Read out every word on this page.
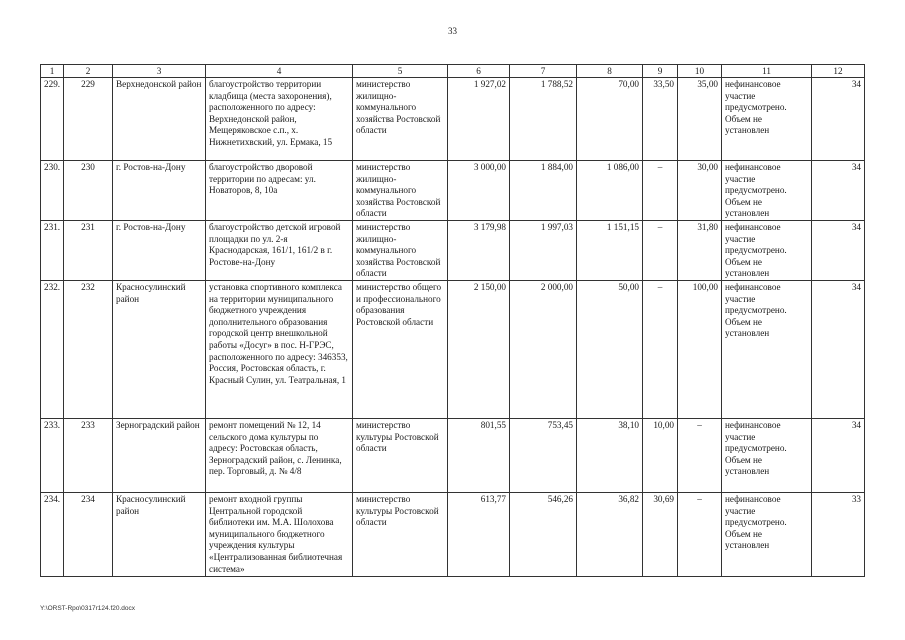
33
1	2	3	4	5	6	7	8	9	10	11	12
229.	229	Верхнедонской район	благоустройство территории кладбища (места захоронения), расположенного по адресу: Верхнедонской район, Мещеряковское с.п., х. Нижнетихвский, ул. Ермака, 15	министерство жилищно-коммунального хозяйства Ростовской области	1 927,02	1 788,52	70,00	33,50	35,00	нефинансовое участие предусмотрено. Объем не установлен	34
230.	230	г. Ростов-на-Дону	благоустройство дворовой территории по адресам: ул. Новаторов, 8, 10а	министерство жилищно-коммунального хозяйства Ростовской области	3 000,00	1 884,00	1 086,00	–	30,00	нефинансовое участие предусмотрено. Объем не установлен	34
231.	231	г. Ростов-на-Дону	благоустройство детской игровой площадки по ул. 2-я Краснодарская, 161/1, 161/2 в г. Ростове-на-Дону	министерство жилищно-коммунального хозяйства Ростовской области	3 179,98	1 997,03	1 151,15	–	31,80	нефинансовое участие предусмотрено. Объем не установлен	34
232.	232	Красносулинский район	установка спортивного комплекса на территории муниципального бюджетного учреждения дополнительного образования городской центр внешкольной работы «Досуг» в пос. Н-ГРЭС, расположенного по адресу: 346353, Россия, Ростовская область, г. Красный Сулин, ул. Театральная, 1	министерство общего и профессионального образования Ростовской области	2 150,00	2 000,00	50,00	–	100,00	нефинансовое участие предусмотрено. Объем не установлен	34
233.	233	Зерноградский район	ремонт помещений № 12, 14 сельского дома культуры по адресу: Ростовская область, Зерноградский район, с. Ленинка, пер. Торговый, д. № 4/8	министерство культуры Ростовской области	801,55	753,45	38,10	10,00	–	нефинансовое участие предусмотрено. Объем не установлен	34
234.	234	Красносулинский район	ремонт входной группы Центральной городской библиотеки им. М.А. Шолохова муниципального бюджетного учреждения культуры «Централизованная библиотечная система»	министерство культуры Ростовской области	613,77	546,26	36,82	30,69	–	нефинансовое участие предусмотрено. Объем не установлен	33
Y:\ORST-Rpo\0317r124.f20.docx
